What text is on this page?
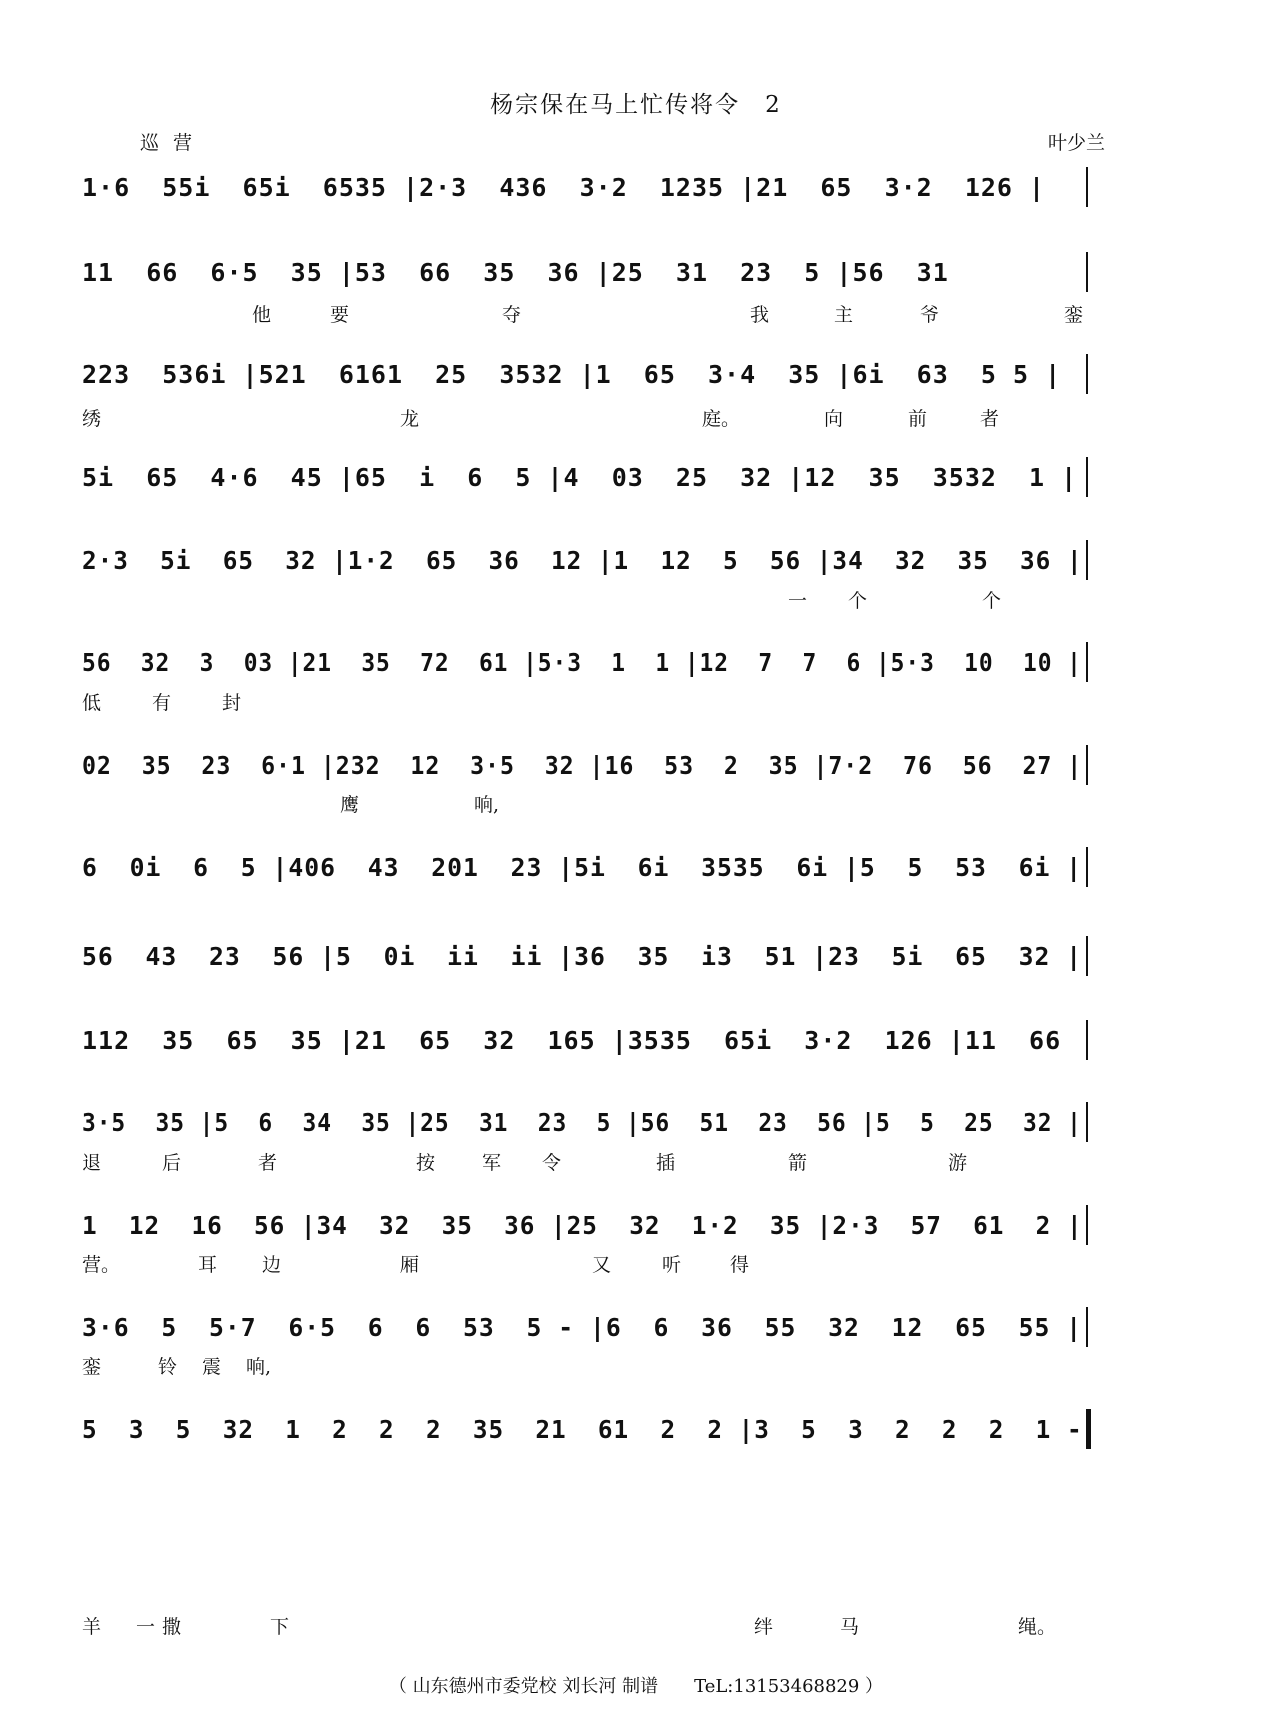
杨宗保在马上忙传将令　2
巡营	叶少兰
1·6  55i  65i  6535 |2·3  436  3·2  1235 |21  65  3·2  126 |
11  66  6·5  35 |53  66  35  36 |25  31  23  5 |56  31
223  536i |521  6161  25  3532 |1  65  3·4  35 |6i  63  5 5 |
他	要	夺	我	主	爷	銮
5i  65  4·6  45 |65  i  6  5 |4  03  25  32 |12  35  3532  1 |
绣	龙	庭。	向	前	者
2·3  5i  65  32 |1·2  65  36  12 |1  12  5  56 |34  32  35  36 |
56  32  3  03 |21  35  72  61 |5·3  1  1 |12  7  7  6 |5·3  10  10 |
一 个	个
02  35  23  6·1 |232  12  3·5  32 |16  53  2  35 |7·2  76  56  27 |
低	有	封
6  0i  6  5 |406  43  201  23 |5i  6i  3535  6i |5  5  53  6i |
鹰	响,
56  43  23  56 |5  0i  ii  ii |36  35  i3  51 |23  5i  65  32 |
112  35  65  35 |21  65  32  165 |3535  65i  3·2  126 |11  66
3·5  35 |5  6  34  35 |25  31  23  5 |56  51  23  56 |5  5  25  32 |
1  12  16  56 |34  32  35  36 |25  32  1·2  35 |2·3  57  61  2 |
退	后	者	按 军 令	插	箭	游
3·6  5  5·7  6·5  6  6  53  5 - |6  6  36  55  32  12  65  55 |
营。	耳 边	厢	又	听	得
5  3  5  32  1  2  2  2  35  21  61  2  2 |3  5  3  2  2  2  1 -
銮	铃 震 响,
羊 一 撒	下	绊	马	绳。
（ 山东德州市委党校 刘长河 制谱　　TeL:13153468829 ）
